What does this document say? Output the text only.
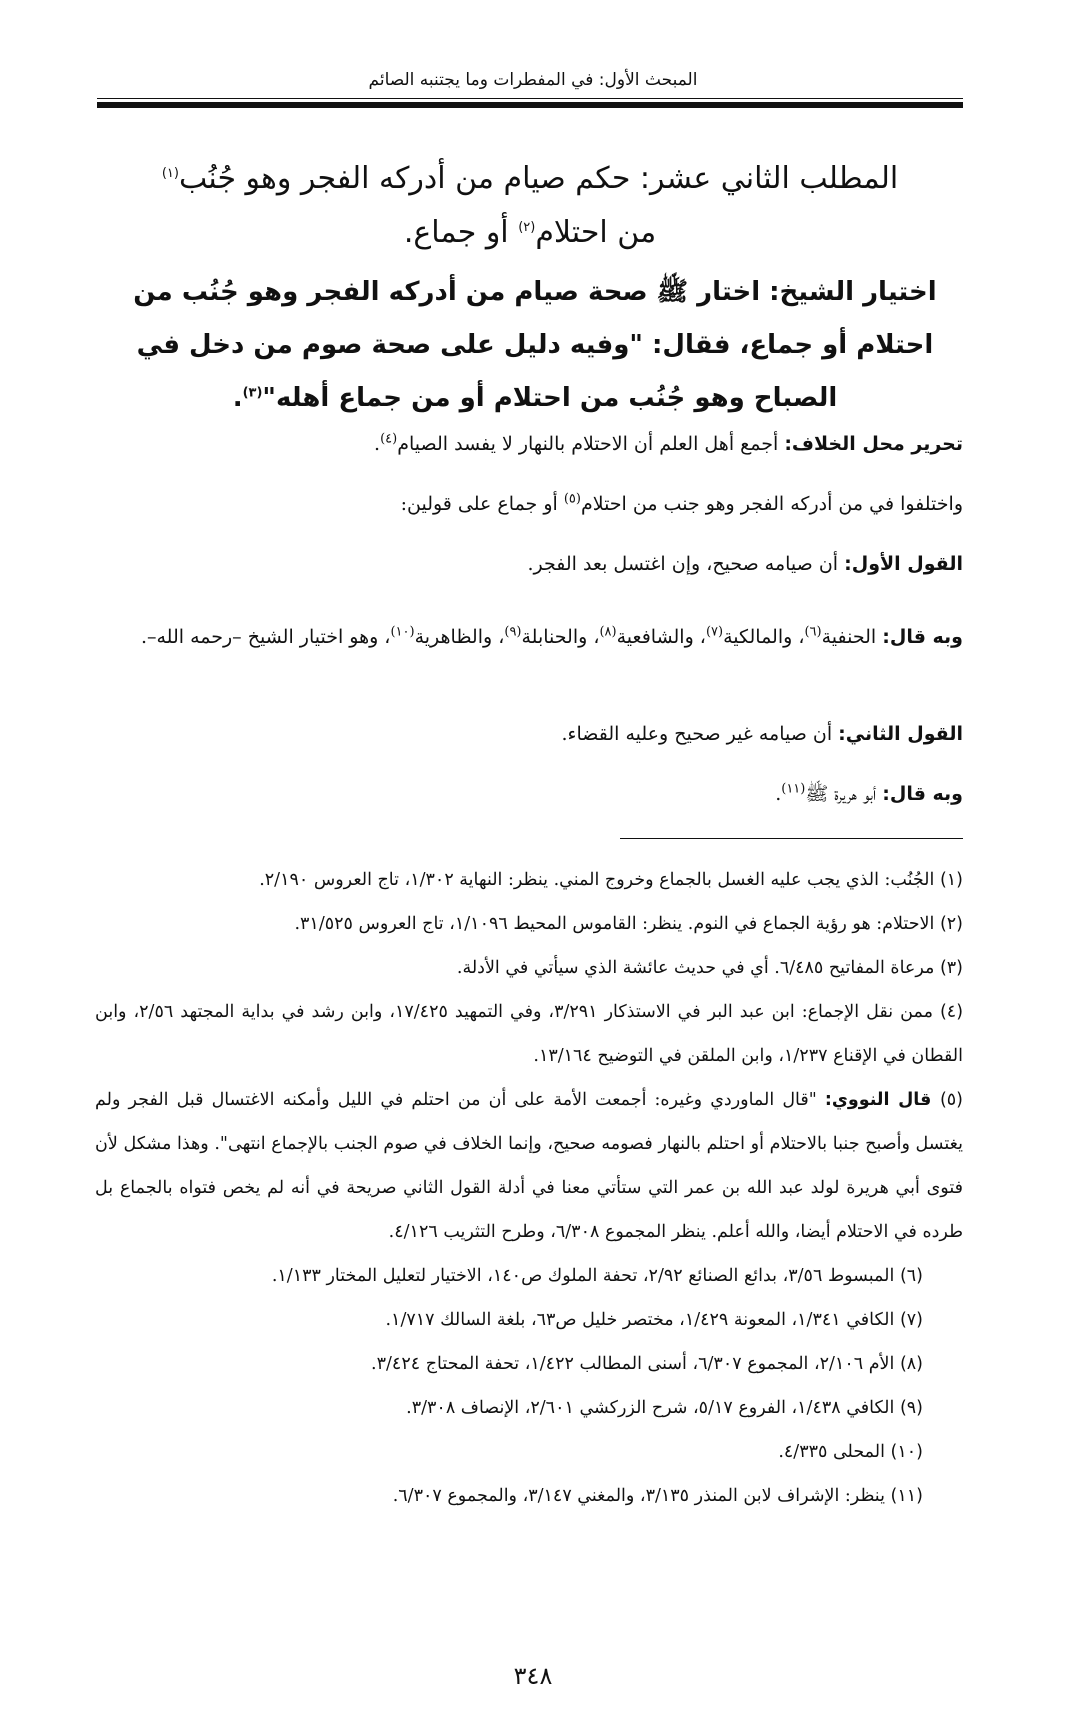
المبحث الأول: في المفطرات وما يجتنبه الصائم
المطلب الثاني عشر: حكم صيام من أدركه الفجر وهو جُنُب$^{(١)}$ من احتلام$^{(٢)}$ أو جماع.
اختيار الشيخ: اختار ﷺ صحة صيام من أدركه الفجر وهو جُنُب من احتلام أو جماع، فقال: "وفيه دليل على صحة صوم من دخل في الصباح وهو جُنُب من احتلام أو من جماع أهله"$^{(٣)}$.
تحرير محل الخلاف: أجمع أهل العلم أن الاحتلام بالنهار لا يفسد الصيام$^{(٤)}$.
واختلفوا في من أدركه الفجر وهو جنب من احتلام$^{(٥)}$ أو جماع على قولين:
القول الأول: أن صيامه صحيح، وإن اغتسل بعد الفجر.
وبه قال: الحنفية$^{(٦)}$، والمالكية$^{(٧)}$، والشافعية$^{(٨)}$، والحنابلة$^{(٩)}$، والظاهرية$^{(١٠)}$، وهو اختيار الشيخ –رحمه الله–.
القول الثاني: أن صيامه غير صحيح وعليه القضاء.
وبه قال: أبو هريرة ﷺ$^{(١١)}$.
(١) الجُنُب: الذي يجب عليه الغسل بالجماع وخروج المني. ينظر: النهاية ١/٣٠٢، تاج العروس ٢/١٩٠.
(٢) الاحتلام: هو رؤية الجماع في النوم. ينظر: القاموس المحيط ١/١٠٩٦، تاج العروس ٣١/٥٢٥.
(٣) مرعاة المفاتيح ٦/٤٨٥. أي في حديث عائشة الذي سيأتي في الأدلة.
(٤) ممن نقل الإجماع: ابن عبد البر في الاستذكار ٣/٢٩١، وفي التمهيد ١٧/٤٢٥، وابن رشد في بداية المجتهد ٢/٥٦، وابن القطان في الإقناع ١/٢٣٧، وابن الملقن في التوضيح ١٣/١٦٤.
(٥) قال النووي: "قال الماوردي وغيره: أجمعت الأمة على أن من احتلم في الليل وأمكنه الاغتسال قبل الفجر ولم يغتسل وأصبح جنبا بالاحتلام أو احتلم بالنهار فصومه صحيح، وإنما الخلاف في صوم الجنب بالإجماع انتهى". وهذا مشكل لأن فتوى أبي هريرة لولد عبد الله بن عمر التي ستأتي معنا في أدلة القول الثاني صريحة في أنه لم يخص فتواه بالجماع بل طرده في الاحتلام أيضا، والله أعلم. ينظر المجموع ٦/٣٠٨، وطرح التثريب ٤/١٢٦.
(٦) المبسوط ٣/٥٦، بدائع الصنائع ٢/٩٢، تحفة الملوك ص١٤٠، الاختيار لتعليل المختار ١/١٣٣.
(٧) الكافي ١/٣٤١، المعونة ١/٤٢٩، مختصر خليل ص٦٣، بلغة السالك ١/٧١٧.
(٨) الأم ٢/١٠٦، المجموع ٦/٣٠٧، أسنى المطالب ١/٤٢٢، تحفة المحتاج ٣/٤٢٤.
(٩) الكافي ١/٤٣٨، الفروع ٥/١٧، شرح الزركشي ٢/٦٠١، الإنصاف ٣/٣٠٨.
(١٠) المحلى ٤/٣٣٥.
(١١) ينظر: الإشراف لابن المنذر ٣/١٣٥، والمغني ٣/١٤٧، والمجموع ٦/٣٠٧.
٣٤٨
